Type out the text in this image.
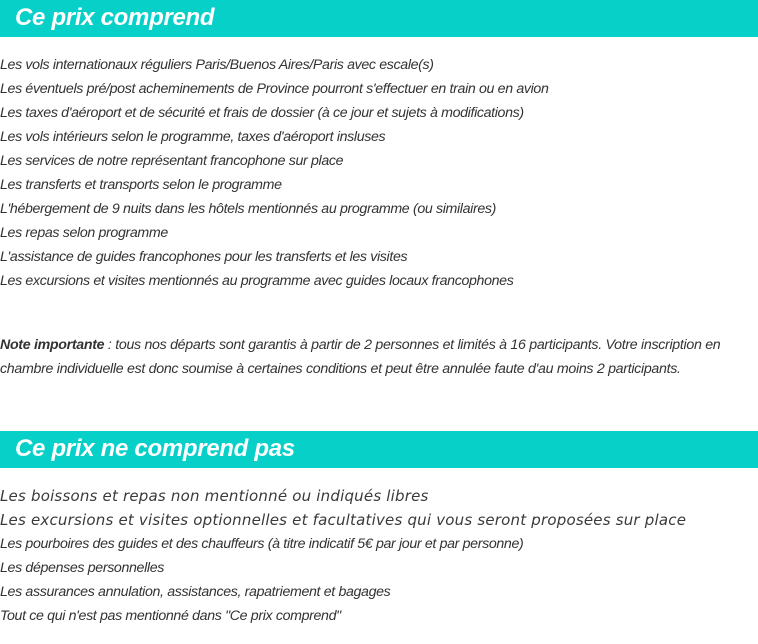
Ce prix comprend
Les vols internationaux réguliers Paris/Buenos Aires/Paris avec escale(s)
Les éventuels pré/post acheminements de Province pourront s'effectuer en train ou en avion
Les taxes d'aéroport et de sécurité et frais de dossier (à ce jour et sujets à modifications)
Les vols intérieurs selon le programme, taxes d'aéroport insluses
Les services de notre représentant francophone sur place
Les transferts et transports selon le programme
L'hébergement de 9 nuits dans les hôtels mentionnés au programme (ou similaires)
Les repas selon programme
L'assistance de guides francophones pour les transferts et les visites
Les excursions et visites mentionnés au programme avec guides locaux francophones

Note importante : tous nos départs sont garantis à partir de 2 personnes et limités à 16 participants. Votre inscription en chambre individuelle est donc soumise à certaines conditions et peut être annulée faute d'au moins 2 participants.

Ce prix ne comprend pas
Les boissons et repas non mentionné ou indiqués libres
Les excursions et visites optionnelles et facultatives qui vous seront proposées sur place
Les pourboires des guides et des chauffeurs (à titre indicatif 5€ par jour et par personne)
Les dépenses personnelles
Les assurances annulation, assistances, rapatriement et bagages
Tout ce qui n'est pas mentionné dans "Ce prix comprend"
